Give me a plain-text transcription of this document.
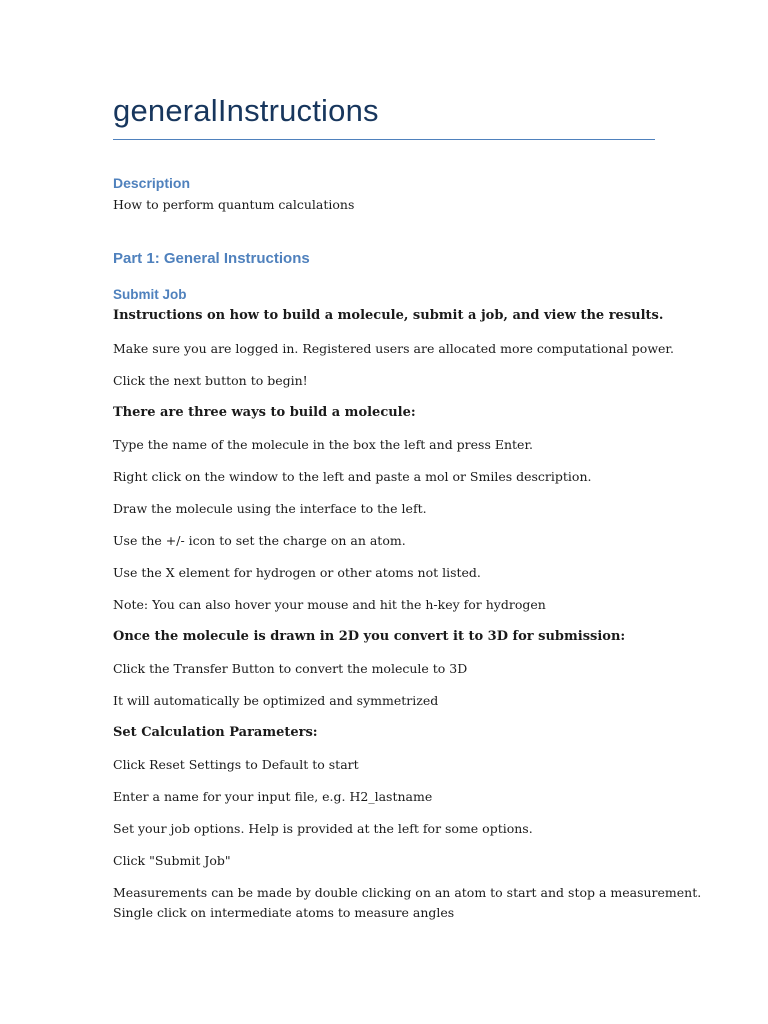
generalInstructions
Description
How to perform quantum calculations
Part 1: General Instructions
Submit Job
Instructions on how to build a molecule, submit a job, and view the results.
Make sure you are logged in. Registered users are allocated more computational power.
Click the next button to begin!
There are three ways to build a molecule:
Type the name of the molecule in the box the left and press Enter.
Right click on the window to the left and paste a mol or Smiles description.
Draw the molecule using the interface to the left.
Use the +/- icon to set the charge on an atom.
Use the X element for hydrogen or other atoms not listed.
Note: You can also hover your mouse and hit the h-key for hydrogen
Once the molecule is drawn in 2D you convert it to 3D for submission:
Click the Transfer Button to convert the molecule to 3D
It will automatically be optimized and symmetrized
Set Calculation Parameters:
Click Reset Settings to Default to start
Enter a name for your input file, e.g. H2_lastname
Set your job options. Help is provided at the left for some options.
Click "Submit Job"
Measurements can be made by double clicking on an atom to start and stop a measurement.
Single click on intermediate atoms to measure angles
